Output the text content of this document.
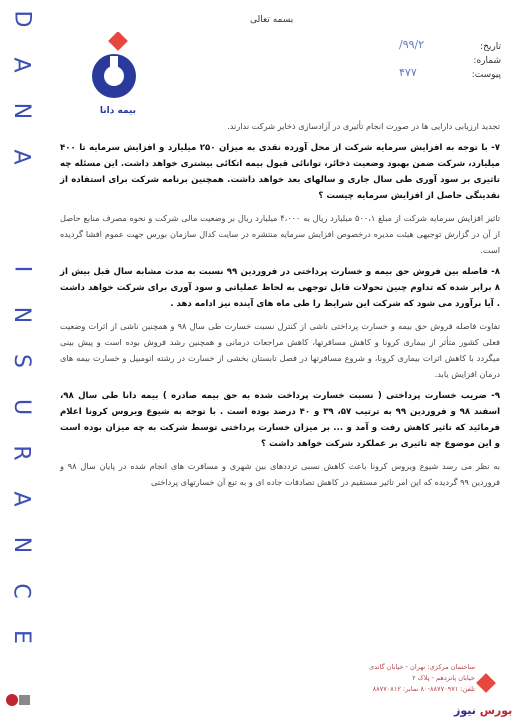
D
A
N
A
I
N
S
U
R
A
N
C
E
بسمه تعالی
بیمه دانا
تاریخ:
۹۹/۲/
شماره:
پیوست:
۴۷۷

تجدید ارزیابی دارایی ها در صورت انجام تأثیری در آزادسازی ذخایر شرکت ندارند.

۷- با توجه به افزایش سرمایه شرکت از محل آورده نقدی به میزان ۲۵۰ میلیارد و افزایش سرمایه تا ۴۰۰ میلیارد، شرکت ضمن بهبود وضعیت ذخائر، توانائی قبول بیمه اتکائی بیشتری خواهد داشت. این مسئله چه تاثیری بر سود آوری طی سال جاری و سالهای بعد خواهد داشت. همچنین برنامه شرکت برای استفاده از نقدینگی حاصل از افزایش سرمایه چیست ؟

تاثیر افزایش سرمایه شرکت از مبلغ ۵۰۰،۱ میلیارد ریال به ۴،۰۰۰ میلیارد ریال بر وضعیت مالی شرکت و نحوه مصرف منابع حاصل از آن در گزارش توجیهی هیئت مدیره درخصوص افزایش سرمایه منتشره در سایت کدال سازمان بورس جهت عموم افشا گردیده است.

۸- فاصله بین فروش حق بیمه و خسارت پرداختی در فروردین ۹۹ نسبت به مدت مشابه سال قبل بیش از ۸ برابر شده که تداوم چنین تحولات قابل توجهی به لحاظ عملیاتی و سود آوری برای شرکت خواهد داشت . آیا برآورد می شود که شرکت این شرایط را طی ماه های آینده نیز ادامه دهد .

تفاوت فاصله فروش حق بیمه و خسارت پرداختی ناشی از کنترل نسبت خسارت طی سال ۹۸ و همچنین ناشی از اثرات وضعیت فعلی کشور متأثر از بیماری کرونا و کاهش مسافرتها، کاهش مراجعات درمانی و همچنین رشد فروش بوده است و پیش بینی میگردد با کاهش اثرات بیماری کرونا، و شروع مسافرتها در فصل تابستان بخشی از خسارت در رشته اتومبیل و خسارت بیمه های درمان افزایش یابد.

۹- ضریب خسارت پرداختی ( نسبت خسارت پرداخت شده به حق بیمه صادره ) بیمه دانا طی سال ۹۸، اسفند ۹۸ و فروردین ۹۹ به ترتیب ۵۷، ۳۹ و ۴۰ درصد بوده است . با توجه به شیوع ویروس کرونا اعلام فرمائید که تاثیر کاهش رفت و آمد و ... بر میزان خسارت پرداختی توسط شرکت به چه میزان بوده است و این موضوع چه تاثیری بر عملکرد شرکت خواهد داشت ؟

به نظر می رسد شیوع ویروس کرونا باعث کاهش نسبی ترددهای بین شهری و مسافرت های انجام شده در پایان سال ۹۸ و فروردین ۹۹ گردیده که این امر تاثیر مستقیم در کاهش تصادفات جاده ای و به تبع آن خسارتهای پرداختی

ساختمان مرکزی: تهران - خیابان گاندی
خیابان پانزدهم - پلاک ۲
تلفن: ۸۸۷۷۰۹۷۱-۸۰ نمابر: ۸۸۷۷۰۸۱۲
بورس نیوز
